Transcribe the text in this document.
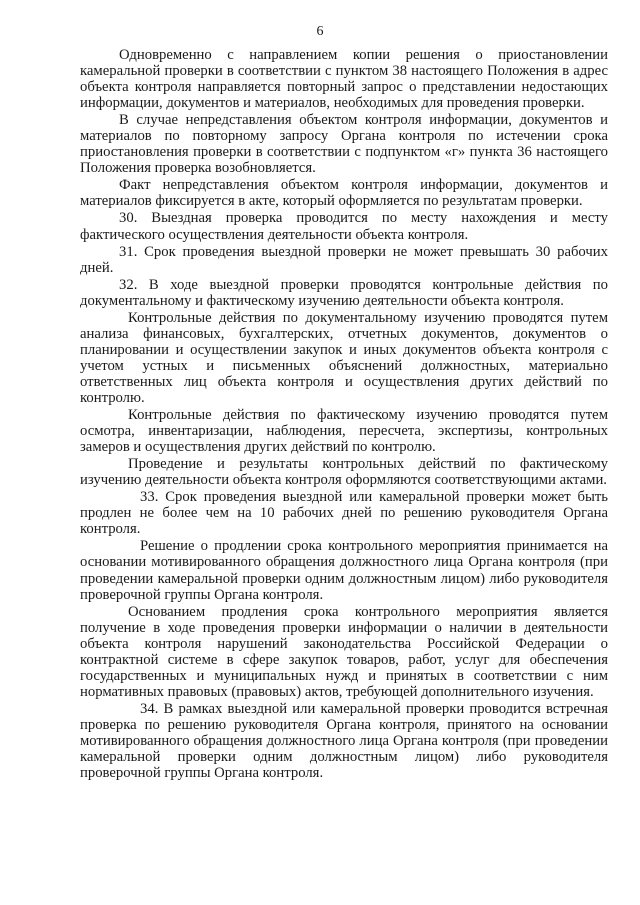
6

Одновременно с направлением копии решения о приостановлении камеральной проверки в соответствии с пунктом 38 настоящего Положения в адрес объекта контроля направляется повторный запрос о представлении недостающих информации, документов и материалов, необходимых для проведения проверки.

В случае непредставления объектом контроля информации, документов и материалов по повторному запросу Органа контроля по истечении срока приостановления проверки в соответствии с подпунктом «г» пункта 36 настоящего Положения проверка возобновляется.

Факт непредставления объектом контроля информации, документов и материалов фиксируется в акте, который оформляется по результатам проверки.

30. Выездная проверка проводится по месту нахождения и месту фактического осуществления деятельности объекта контроля.

31. Срок проведения выездной проверки не может превышать 30 рабочих дней.

32. В ходе выездной проверки проводятся контрольные действия по документальному и фактическому изучению деятельности объекта контроля.

Контрольные действия по документальному изучению проводятся путем анализа финансовых, бухгалтерских, отчетных документов, документов о планировании и осуществлении закупок и иных документов объекта контроля с учетом устных и письменных объяснений должностных, материально ответственных лиц объекта контроля и осуществления других действий по контролю.

Контрольные действия по фактическому изучению проводятся путем осмотра, инвентаризации, наблюдения, пересчета, экспертизы, контрольных замеров и осуществления других действий по контролю.

Проведение и результаты контрольных действий по фактическому изучению деятельности объекта контроля оформляются соответствующими актами.

33. Срок проведения выездной или камеральной проверки может быть продлен не более чем на 10 рабочих дней по решению руководителя Органа контроля.

Решение о продлении срока контрольного мероприятия принимается на основании мотивированного обращения должностного лица Органа контроля (при проведении камеральной проверки одним должностным лицом) либо руководителя проверочной группы Органа контроля.

Основанием продления срока контрольного мероприятия является получение в ходе проведения проверки информации о наличии в деятельности объекта контроля нарушений законодательства Российской Федерации о контрактной системе в сфере закупок товаров, работ, услуг для обеспечения государственных и муниципальных нужд и принятых в соответствии с ним нормативных правовых (правовых) актов, требующей дополнительного изучения.

34. В рамках выездной или камеральной проверки проводится встречная проверка по решению руководителя Органа контроля, принятого на основании мотивированного обращения должностного лица Органа контроля (при проведении камеральной проверки одним должностным лицом) либо руководителя проверочной группы Органа контроля.
